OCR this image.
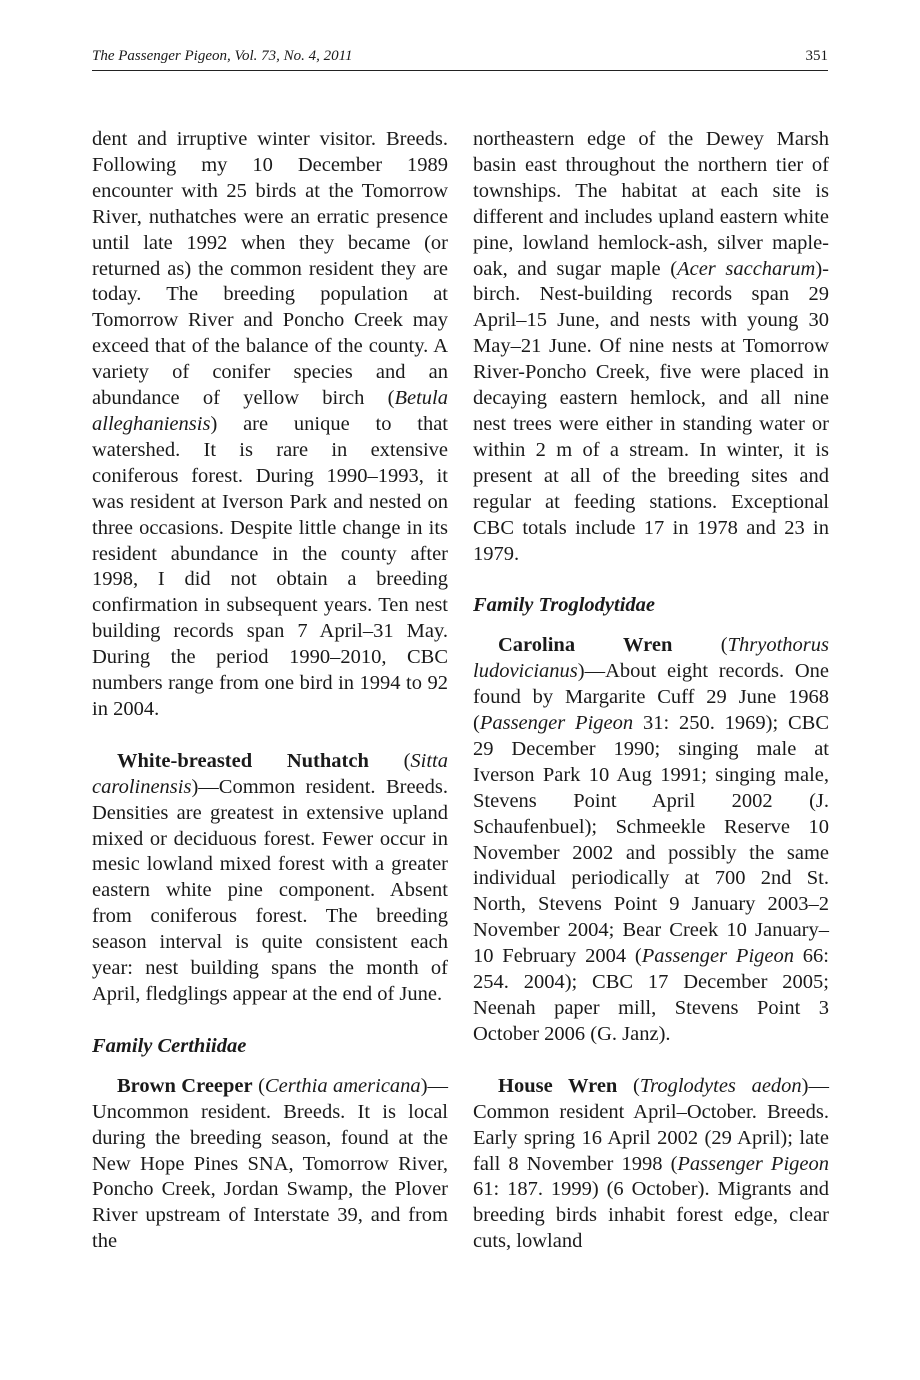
The Passenger Pigeon, Vol. 73, No. 4, 2011	351

dent and irruptive winter visitor. Breeds. Following my 10 December 1989 encounter with 25 birds at the Tomorrow River, nuthatches were an erratic presence until late 1992 when they became (or returned as) the common resident they are today. The breeding population at Tomorrow River and Poncho Creek may exceed that of the balance of the county. A variety of conifer species and an abundance of yellow birch (Betula alleghaniensis) are unique to that watershed. It is rare in extensive coniferous forest. During 1990–1993, it was resident at Iverson Park and nested on three occasions. Despite little change in its resident abundance in the county after 1998, I did not obtain a breeding confirmation in subsequent years. Ten nest building records span 7 April–31 May. During the period 1990–2010, CBC numbers range from one bird in 1994 to 92 in 2004.

White-breasted Nuthatch (Sitta carolinensis)—Common resident. Breeds. Densities are greatest in extensive upland mixed or deciduous forest. Fewer occur in mesic lowland mixed forest with a greater eastern white pine component. Absent from coniferous forest. The breeding season interval is quite consistent each year: nest building spans the month of April, fledglings appear at the end of June.

Family Certhiidae

Brown Creeper (Certhia americana)—Uncommon resident. Breeds. It is local during the breeding season, found at the New Hope Pines SNA, Tomorrow River, Poncho Creek, Jordan Swamp, the Plover River upstream of Interstate 39, and from the

northeastern edge of the Dewey Marsh basin east throughout the northern tier of townships. The habitat at each site is different and includes upland eastern white pine, lowland hemlock-ash, silver maple-oak, and sugar maple (Acer saccharum)-birch. Nest-building records span 29 April–15 June, and nests with young 30 May–21 June. Of nine nests at Tomorrow River-Poncho Creek, five were placed in decaying eastern hemlock, and all nine nest trees were either in standing water or within 2 m of a stream. In winter, it is present at all of the breeding sites and regular at feeding stations. Exceptional CBC totals include 17 in 1978 and 23 in 1979.

Family Troglodytidae

Carolina Wren (Thryothorus ludovicianus)—About eight records. One found by Margarite Cuff 29 June 1968 (Passenger Pigeon 31: 250. 1969); CBC 29 December 1990; singing male at Iverson Park 10 Aug 1991; singing male, Stevens Point April 2002 (J. Schaufenbuel); Schmeekle Reserve 10 November 2002 and possibly the same individual periodically at 700 2nd St. North, Stevens Point 9 January 2003–2 November 2004; Bear Creek 10 January–10 February 2004 (Passenger Pigeon 66: 254. 2004); CBC 17 December 2005; Neenah paper mill, Stevens Point 3 October 2006 (G. Janz).

House Wren (Troglodytes aedon)—Common resident April–October. Breeds. Early spring 16 April 2002 (29 April); late fall 8 November 1998 (Passenger Pigeon 61: 187. 1999) (6 October). Migrants and breeding birds inhabit forest edge, clear cuts, lowland
